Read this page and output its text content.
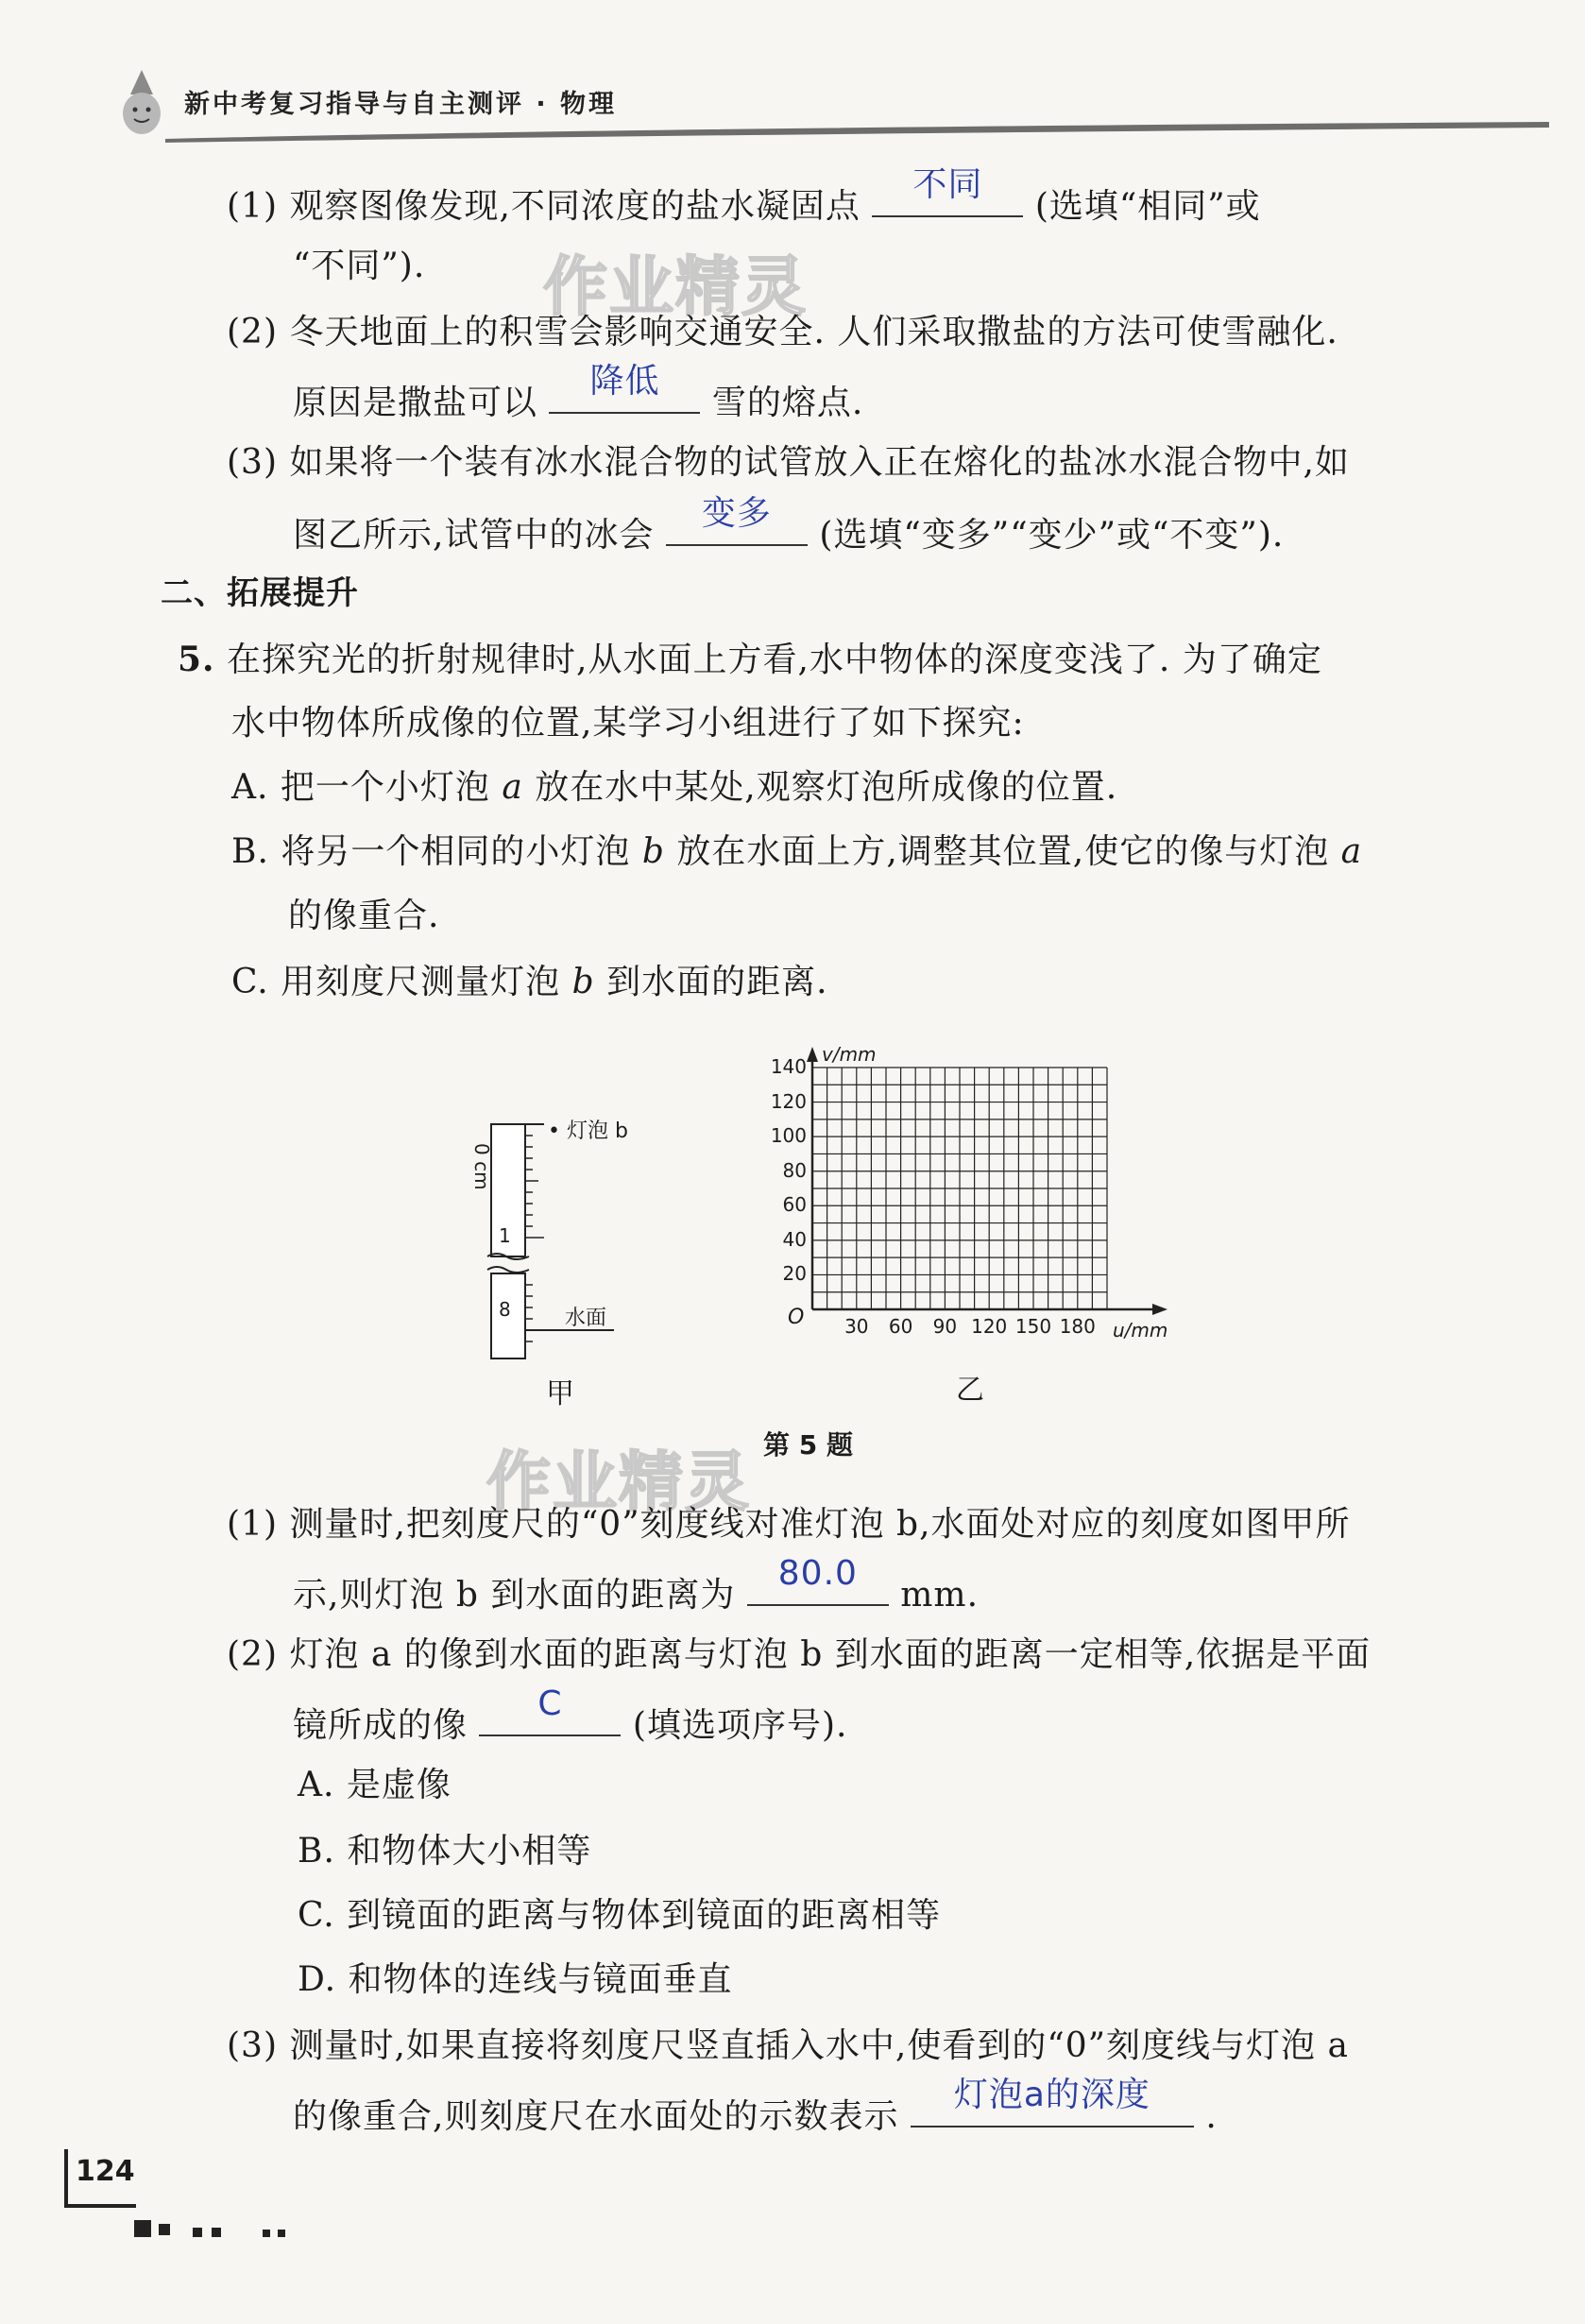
新中考复习指导与自主测评 · 物理
作业精灵
作业精灵
(1) 观察图像发现,不同浓度的盐水凝固点
不同
(选填“相同”或
“不同”).
(2) 冬天地面上的积雪会影响交通安全. 人们采取撒盐的方法可使雪融化.
原因是撒盐可以
降低
雪的熔点.
(3) 如果将一个装有冰水混合物的试管放入正在熔化的盐冰水混合物中,如
图乙所示,试管中的冰会
变多
(选填“变多”“变少”或“不变”).
二、拓展提升
5. 在探究光的折射规律时,从水面上方看,水中物体的深度变浅了. 为了确定
水中物体所成像的位置,某学习小组进行了如下探究:
A. 把一个小灯泡 a 放在水中某处,观察灯泡所成像的位置.
B. 将另一个相同的小灯泡 b 放在水面上方,调整其位置,使它的像与灯泡 a
的像重合.
C. 用刻度尺测量灯泡 b 到水面的距离.
0 cm
1
8
• 灯泡 b
水面
甲
v/mm
u/mm
O
20
40
60
80
100
120
140
30	60	90 120 150 180
乙
第 5 题
(1) 测量时,把刻度尺的“0”刻度线对准灯泡 b,水面处对应的刻度如图甲所
示,则灯泡 b 到水面的距离为
80.0
mm.
(2) 灯泡 a 的像到水面的距离与灯泡 b 到水面的距离一定相等,依据是平面
镜所成的像
C
(填选项序号).
A. 是虚像
B. 和物体大小相等
C. 到镜面的距离与物体到镜面的距离相等
D. 和物体的连线与镜面垂直
(3) 测量时,如果直接将刻度尺竖直插入水中,使看到的“0”刻度线与灯泡 a
的像重合,则刻度尺在水面处的示数表示
灯泡a的深度
.
124
